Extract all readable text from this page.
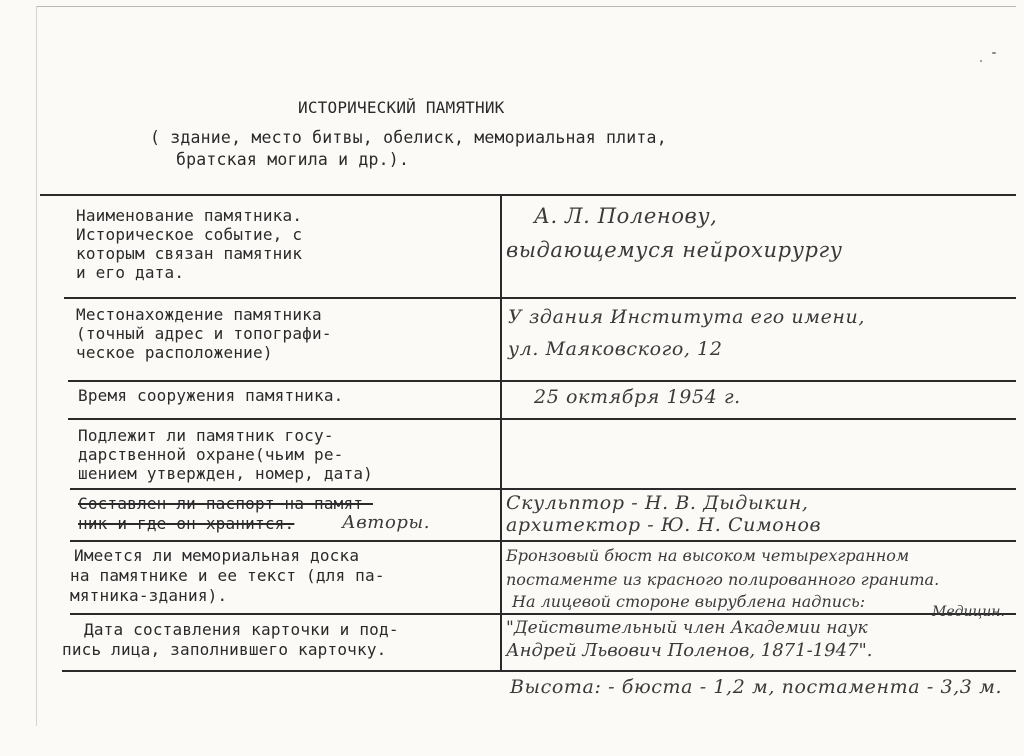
ИСТОРИЧЕСКИЙ ПАМЯТНИК
( здание, место битвы, обелиск, мемориальная плита,
братская могила и др.).
Наименование памятника.
Историческое событие, с
которым связан памятник
и его дата.
А. Л. Поленову,
выдающемуся нейрохирургу
Местонахождение памятника
(точный адрес и топографи-
ческое расположение)
У здания Института его имени,
ул. Маяковского, 12
Время сооружения памятника.	25 октября 1954 г.
Подлежит ли памятник госу-
дарственной охране(чьим ре-
шением утвержден, номер, дата)
Составлен ли паспорт на памят-
ник и где он хранится.	Авторы.
Скульптор - Н. В. Дыдыкин,
архитектор - Ю. Н. Симонов
Имеется ли мемориальная доска
на памятнике и ее текст (для па-
мятника-здания).
Бронзовый бюст на высоком четырехгранном
постаменте из красного полированного гранита.
На лицевой стороне вырублена надпись:
Дата составления карточки и под-
пись лица, заполнившего карточку.
"Действительный член Академии наук
Медицин.
Андрей Львович Поленов, 1871-1947".
Высота: - бюста - 1,2 м, постамента - 3,3 м.
